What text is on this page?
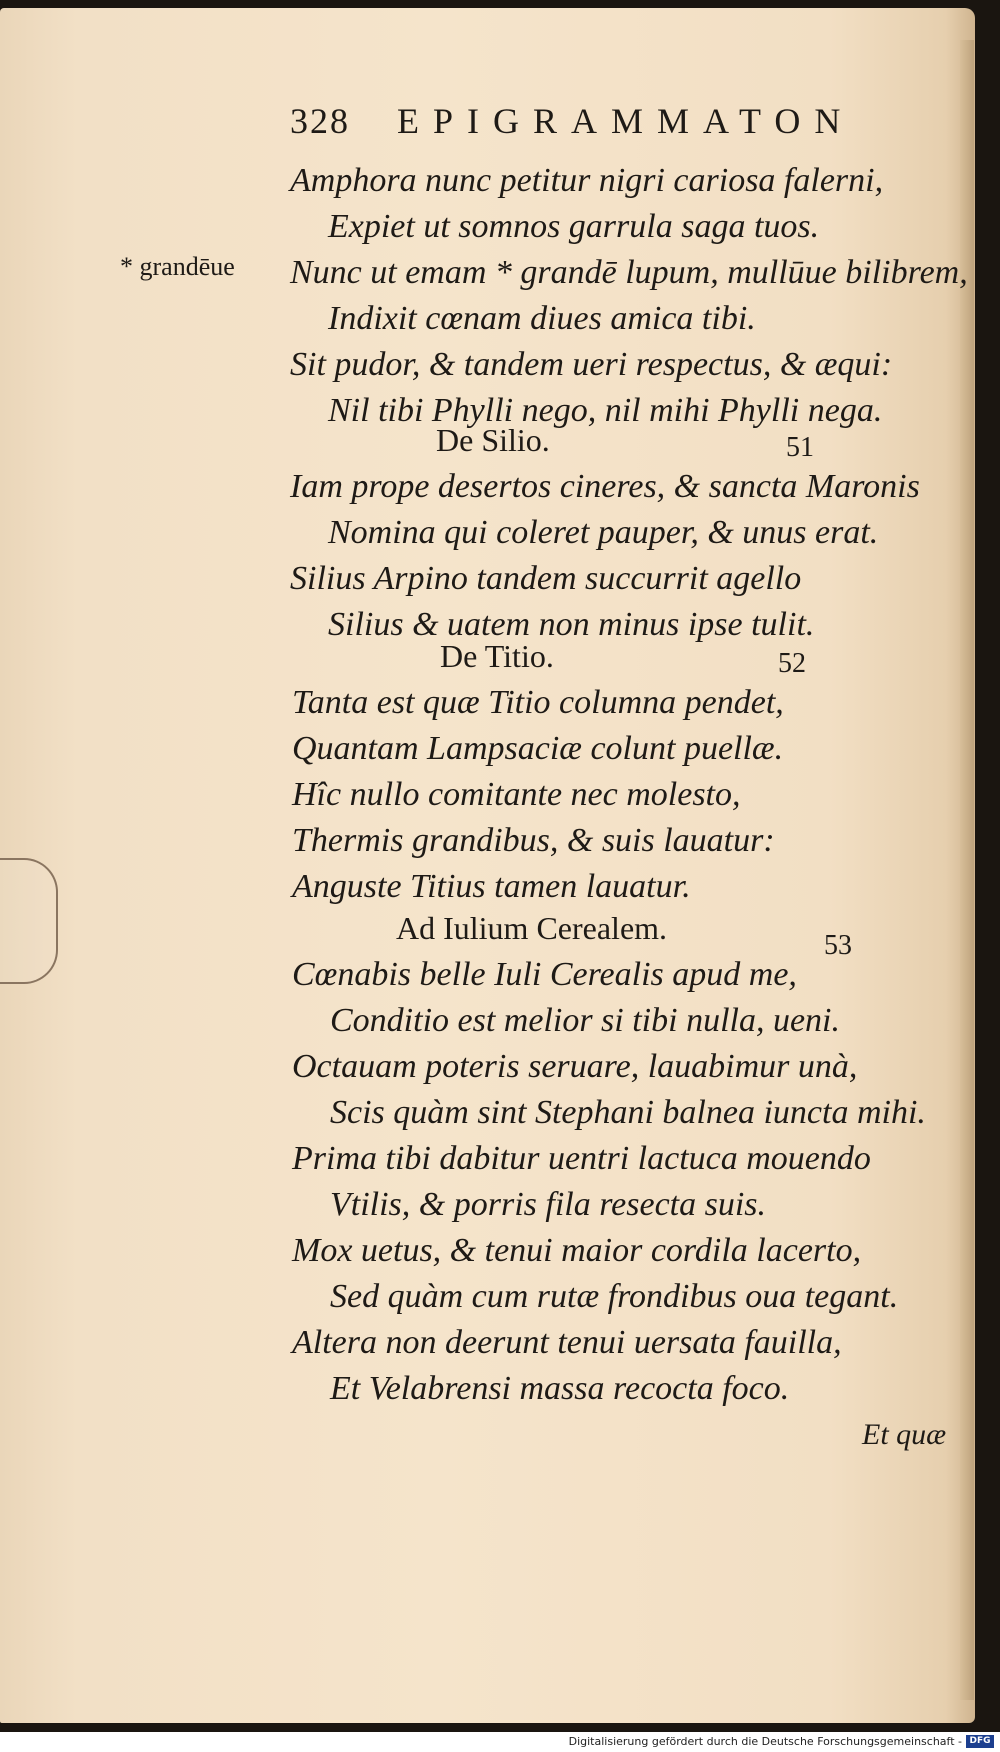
328 EPIGRAMMATON
* grandēue
Amphora nunc petitur nigri cariosa falerni,
Expiet ut somnos garrula saga tuos.
Nunc ut emam * grandē lupum, mullūue bilibrem,
Indixit cœnam diues amica tibi.
Sit pudor, & tandem ueri respectus, & æqui:
Nil tibi Phylli nego, nil mihi Phylli nega.
De Silio.	51
Iam prope desertos cineres, & sancta Maronis
Nomina qui coleret pauper, & unus erat.
Silius Arpino tandem succurrit agello
Silius & uatem non minus ipse tulit.
De Titio.	52
Tanta est quæ Titio columna pendet,
Quantam Lampsaciæ colunt puellæ.
Hîc nullo comitante nec molesto,
Thermis grandibus, & suis lauatur:
Anguste Titius tamen lauatur.
Ad Iulium Cerealem.	53
Cœnabis belle Iuli Cerealis apud me,
Conditio est melior si tibi nulla, ueni.
Octauam poteris seruare, lauabimur unà,
Scis quàm sint Stephani balnea iuncta mihi.
Prima tibi dabitur uentri lactuca mouendo
Vtilis, & porris fila resecta suis.
Mox uetus, & tenui maior cordila lacerto,
Sed quàm cum rutæ frondibus oua tegant.
Altera non deerunt tenui uersata fauilla,
Et Velabrensi massa recocta foco.
Et quæ
Digitalisierung gefördert durch die Deutsche Forschungsgemeinschaft - DFG
